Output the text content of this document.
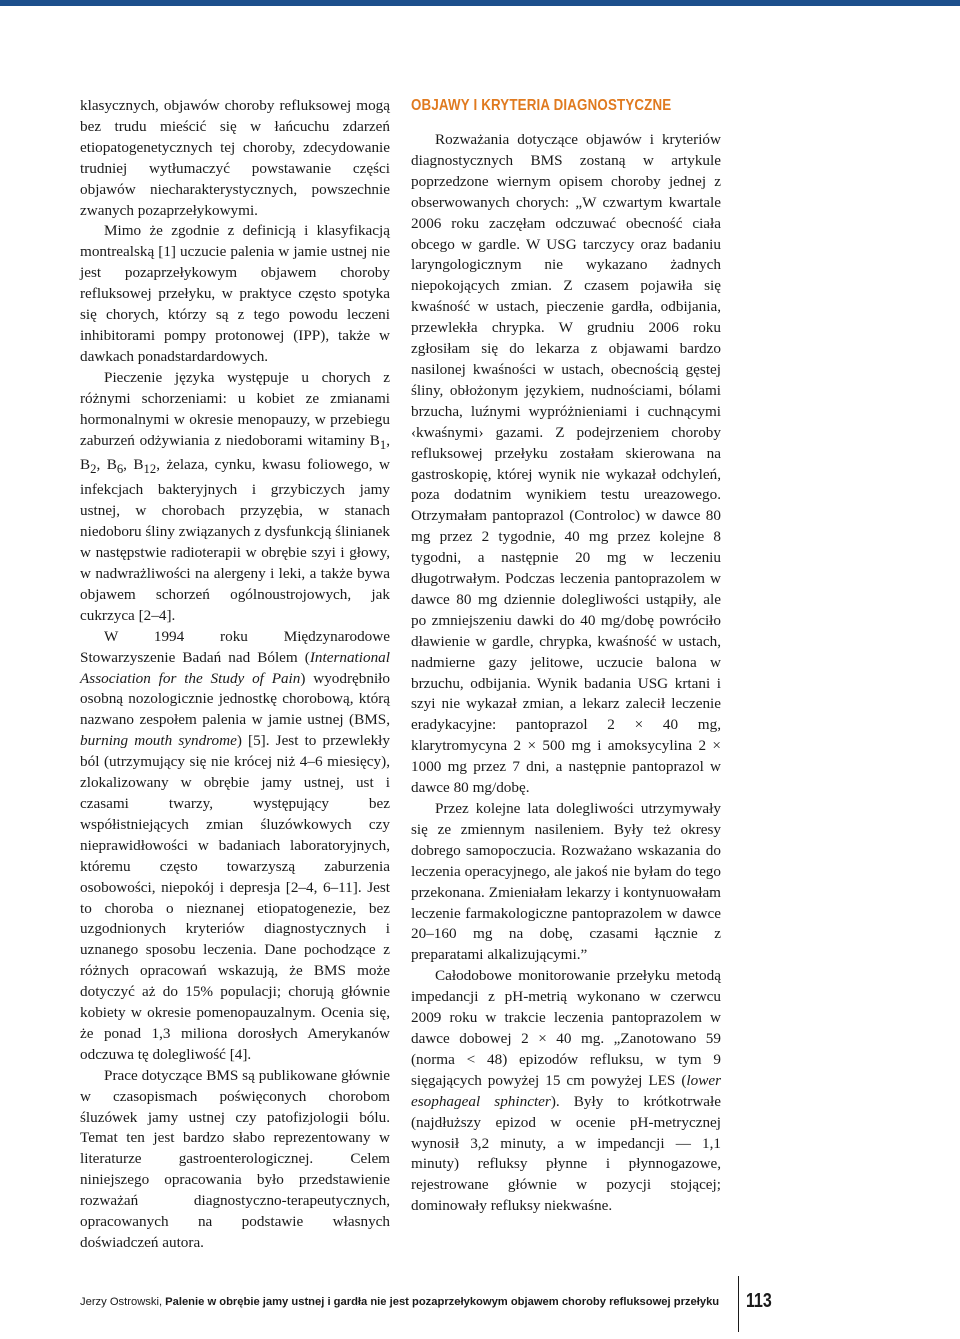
klasycznych, objawów choroby refluksowej mogą bez trudu mieścić się w łańcuchu zdarzeń etiopatogenetycznych tej choroby, zdecydowanie trudniej wytłumaczyć powstawanie części objawów niecharakterystycznych, powszechnie zwanych pozaprzełykowymi.

Mimo że zgodnie z definicją i klasyfikacją montrealską [1] uczucie palenia w jamie ustnej nie jest pozaprzełykowym objawem choroby refluksowej przełyku, w praktyce często spotyka się chorych, którzy są z tego powodu leczeni inhibitorami pompy protonowej (IPP), także w dawkach ponadstardardowych.

Pieczenie języka występuje u chorych z różnymi schorzeniami: u kobiet ze zmianami hormonalnymi w okresie menopauzy, w przebiegu zaburzeń odżywiania z niedoborami witaminy $B_1$, $B_2$, $B_6$, $B_{12}$, żelaza, cynku, kwasu foliowego, w infekcjach bakteryjnych i grzybiczych jamy ustnej, w chorobach przyzębia, w stanach niedoboru śliny związanych z dysfunkcją ślinianek w następstwie radioterapii w obrębie szyi i głowy, w nadwrażliwości na alergeny i leki, a także bywa objawem schorzeń ogólnoustrojowych, jak cukrzyca [2–4].

W 1994 roku Międzynarodowe Stowarzyszenie Badań nad Bólem (International Association for the Study of Pain) wyodrębniło osobną nozologicznie jednostkę chorobową, którą nazwano zespołem palenia w jamie ustnej (BMS, burning mouth syndrome) [5]. Jest to przewlekły ból (utrzymujący się nie krócej niż 4–6 miesięcy), zlokalizowany w obrębie jamy ustnej, ust i czasami twarzy, występujący bez współistniejących zmian śluzówkowych czy nieprawidłowości w badaniach laboratoryjnych, któremu często towarzyszą zaburzenia osobowości, niepokój i depresja [2–4, 6–11]. Jest to choroba o nieznanej etiopatogenezie, bez uzgodnionych kryteriów diagnostycznych i uznanego sposobu leczenia. Dane pochodzące z różnych opracowań wskazują, że BMS może dotyczyć aż do 15% populacji; chorują głównie kobiety w okresie pomenopauzalnym. Ocenia się, że ponad 1,3 miliona dorosłych Amerykanów odczuwa tę dolegliwość [4].

Prace dotyczące BMS są publikowane głównie w czasopismach poświęconych chorobom śluzówek jamy ustnej czy patofizjologii bólu. Temat ten jest bardzo słabo reprezentowany w literaturze gastroenterologicznej. Celem niniejszego opracowania było przedstawienie rozważań diagnostyczno-terapeutycznych, opracowanych na podstawie własnych doświadczeń autora.

OBJAWY I KRYTERIA DIAGNOSTYCZNE

Rozważania dotyczące objawów i kryteriów diagnostycznych BMS zostaną w artykule poprzedzone wiernym opisem choroby jednej z obserwowanych chorych: „W czwartym kwartale 2006 roku zaczęłam odczuwać obecność ciała obcego w gardle. W USG tarczycy oraz badaniu laryngologicznym nie wykazano żadnych niepokojących zmian. Z czasem pojawiła się kwaśność w ustach, pieczenie gardła, odbijania, przewlekła chrypka. W grudniu 2006 roku zgłosiłam się do lekarza z objawami bardzo nasilonej kwaśności w ustach, obecnością gęstej śliny, obłożonym językiem, nudnościami, bólami brzucha, luźnymi wypróżnieniami i cuchnącymi ‹kwaśnymi› gazami. Z podejrzeniem choroby refluksowej przełyku zostałam skierowana na gastroskopię, której wynik nie wykazał odchyleń, poza dodatnim wynikiem testu ureazowego. Otrzymałam pantoprazol (Controloc) w dawce 80 mg przez 2 tygodnie, 40 mg przez kolejne 8 tygodni, a następnie 20 mg w leczeniu długotrwałym. Podczas leczenia pantoprazolem w dawce 80 mg dziennie dolegliwości ustąpiły, ale po zmniejszeniu dawki do 40 mg/dobę powróciło dławienie w gardle, chrypka, kwaśność w ustach, nadmierne gazy jelitowe, uczucie balona w brzuchu, odbijania. Wynik badania USG krtani i szyi nie wykazał zmian, a lekarz zalecił leczenie eradykacyjne: pantoprazol 2 × 40 mg, klarytromycyna 2 × 500 mg i amoksycylina 2 × 1000 mg przez 7 dni, a następnie pantoprazol w dawce 80 mg/dobę.

Przez kolejne lata dolegliwości utrzymywały się ze zmiennym nasileniem. Były też okresy dobrego samopoczucia. Rozważano wskazania do leczenia operacyjnego, ale jakoś nie byłam do tego przekonana. Zmieniałam lekarzy i kontynuowałam leczenie farmakologiczne pantoprazolem w dawce 20–160 mg na dobę, czasami łącznie z preparatami alkalizującymi.”

Całodobowe monitorowanie przełyku metodą impedancji z pH-metrią wykonano w czerwcu 2009 roku w trakcie leczenia pantoprazolem w dawce dobowej 2 × 40 mg. „Zanotowano 59 (norma < 48) epizodów refluksu, w tym 9 sięgających powyżej 15 cm powyżej LES (lower esophageal sphincter). Były to krótkotrwałe (najdłuższy epizod w ocenie pH-metrycznej wynosił 3,2 minuty, a w impedancji — 1,1 minuty) refluksy płynne i płynnogazowe, rejestrowane głównie w pozycji stojącej; dominowały refluksy niekwaśne.

Jerzy Ostrowski, Palenie w obrębie jamy ustnej i gardła nie jest pozaprzełykowym objawem choroby refluksowej przełyku	113
